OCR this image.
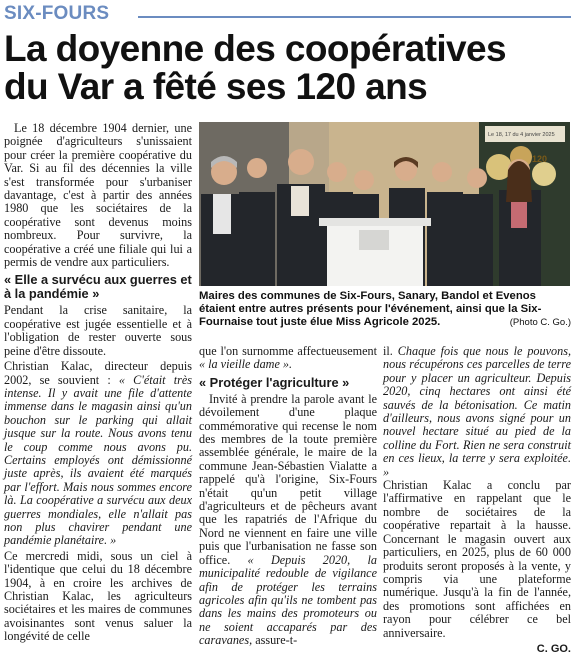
SIX-FOURS
La doyenne des coopératives
du Var a fêté ses 120 ans

Le 18 décembre 1904 dernier, une poignée d'agriculteurs s'unissaient pour créer la première coopérative du Var. Si au fil des décennies la ville s'est transformée pour s'urbaniser davantage, c'est à partir des années 1980 que les sociétaires de la coopérative sont devenus moins nombreux. Pour survivre, la coopérative a créé une filiale qui lui a permis de vendre aux particuliers.

« Elle a survécu aux guerres et à la pandémie »

Pendant la crise sanitaire, la coopérative est jugée essentielle et à l'obligation de rester ouverte sous peine d'être dissoute.

Christian Kalac, directeur depuis 2002, se souvient : « C'était très intense. Il y avait une file d'attente immense dans le magasin ainsi qu'un bouchon sur le parking qui allait jusque sur la route. Nous avons tenu le coup comme nous avons pu. Certains employés ont démissionné juste après, ils avaient été marqués par l'effort. Mais nous sommes encore là. La coopérative a survécu aux deux guerres mondiales, elle n'allait pas non plus chavirer pendant une pandémie planétaire. »

Ce mercredi midi, sous un ciel à l'identique que celui du 18 décembre 1904, à en croire les archives de Christian Kalac, les agriculteurs sociétaires et les maires de communes avoisinantes sont venus saluer la longévité de celle

Le 18, 17 du 4 janvier 2025
120
Maires des communes de Six-Fours, Sanary, Bandol et Evenos étaient entre autres présents pour l'événement, ainsi que la Six-Fournaise tout juste élue Miss Agricole 2025.	(Photo C. Go.)

que l'on surnomme affectueusement « la vieille dame ».

« Protéger l'agriculture »

Invité à prendre la parole avant le dévoilement d'une plaque commémorative qui recense le nom des membres de la toute première assemblée générale, le maire de la commune Jean-Sébastien Vialatte a rappelé qu'à l'origine, Six-Fours n'était qu'un petit village d'agriculteurs et de pêcheurs avant que les rapatriés de l'Afrique du Nord ne viennent en faire une ville puis que l'urbanisation ne fasse son office. « Depuis 2020, la municipalité redouble de vigilance afin de protéger les terrains agricoles afin qu'ils ne tombent pas dans les mains des promoteurs ou ne soient accaparés par des caravanes, assure-t-

il. Chaque fois que nous le pouvons, nous récupérons ces parcelles de terre pour y placer un agriculteur. Depuis 2020, cinq hectares ont ainsi été sauvés de la bétonisation. Ce matin d'ailleurs, nous avons signé pour un nouvel hectare situé au pied de la colline du Fort. Rien ne sera construit en ces lieux, la terre y sera exploitée. »

Christian Kalac a conclu par l'affirmative en rappelant que le nombre de sociétaires de la coopérative repartait à la hausse. Concernant le magasin ouvert aux particuliers, en 2025, plus de 60 000 produits seront proposés à la vente, y compris via une plateforme numérique. Jusqu'à la fin de l'année, des promotions sont affichées en rayon pour célébrer ce bel anniversaire.

C. GO.
